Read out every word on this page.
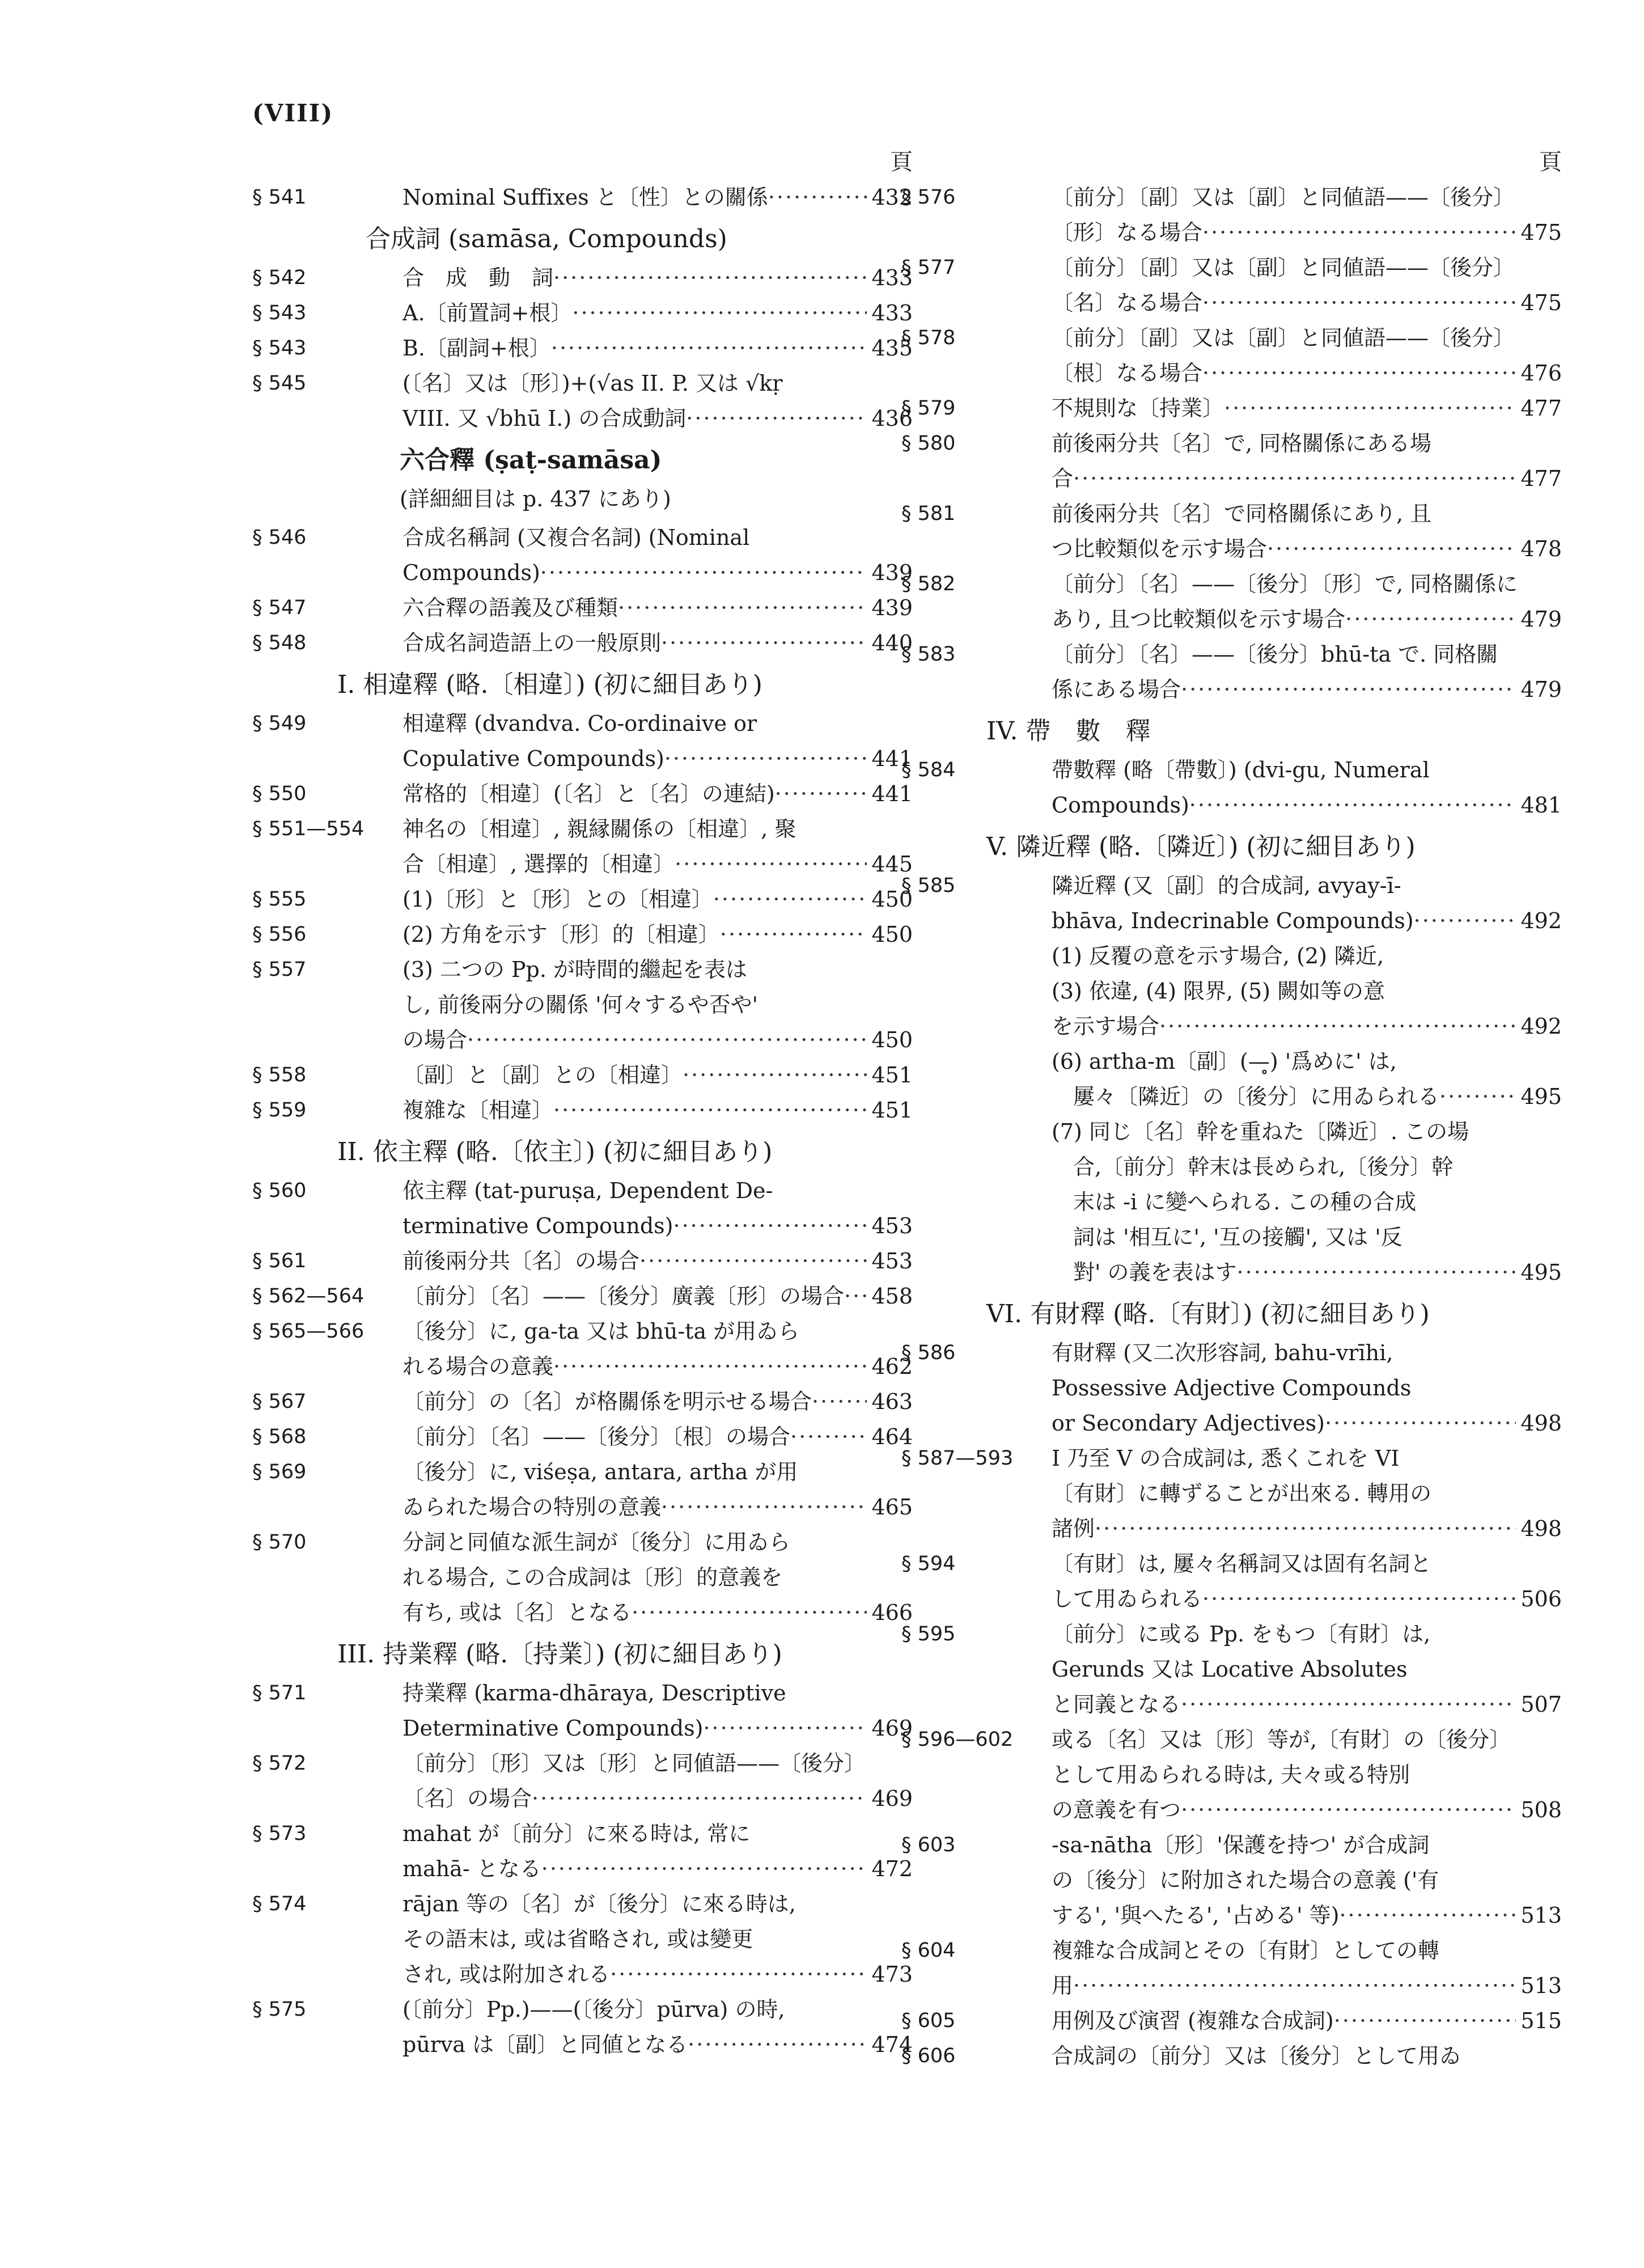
(VIII)
頁
§ 541	Nominal Suffixes と〔性〕との關係 ·····	432
合成詞 (samāsa, Compounds)
§ 542	合　成　動　詞 ·····	433
§ 543	A.〔前置詞+根〕 ·····	433
§ 543	B.〔副詞+根〕 ·····	435
§ 545	(〔名〕又は〔形〕)+(√as II. P. 又は √kṛ
VIII. 又 √bhū I.) の合成動詞 ·····	436
六合釋 (ṣaṭ-samāsa)
(詳細細目は p. 437 にあり)
§ 546	合成名稱詞 (又複合名詞) (Nominal
Compounds) ·····	439
§ 547	六合釋の語義及び種類 ·····	439
§ 548	合成名詞造語上の一般原則 ·····	440
I. 相違釋 (略.〔相違〕) (初に細目あり)
§ 549	相違釋 (dvandva. Co-ordinaive or
Copulative Compounds) ·····	441
§ 550	常格的〔相違〕(〔名〕と〔名〕の連結) ·····	441
§ 551—554	神名の〔相違〕, 親縁關係の〔相違〕, 聚
合〔相違〕, 選擇的〔相違〕 ·····	445
§ 555	(1)〔形〕と〔形〕との〔相違〕 ·····	450
§ 556	(2) 方角を示す〔形〕的〔相違〕 ·····	450
§ 557	(3) 二つの Pp. が時間的繼起を表は
し, 前後兩分の關係 '何々するや否や'
の場合 ·····	450
§ 558	〔副〕と〔副〕との〔相違〕 ·····	451
§ 559	複雜な〔相違〕 ·····	451
II. 依主釋 (略.〔依主〕) (初に細目あり)
§ 560	依主釋 (tat-puruṣa, Dependent De-
terminative Compounds) ·····	453
§ 561	前後兩分共〔名〕の場合 ·····	453
§ 562—564	〔前分〕〔名〕——〔後分〕廣義〔形〕の場合 ····· 458
§ 565—566	〔後分〕に, ga-ta 又は bhū-ta が用ゐら
れる場合の意義 ·····	462
§ 567	〔前分〕の〔名〕が格關係を明示せる場合 ·····	463
§ 568	〔前分〕〔名〕——〔後分〕〔根〕の場合 ·····	464
§ 569	〔後分〕に, viśeṣa, antara, artha が用
ゐられた場合の特別の意義 ·····	465
§ 570	分詞と同値な派生詞が〔後分〕に用ゐら
れる場合, この合成詞は〔形〕的意義を
有ち, 或は〔名〕となる ·····	466
III. 持業釋 (略.〔持業〕) (初に細目あり)
§ 571	持業釋 (karma-dhāraya, Descriptive
Determinative Compounds) ·····	469
§ 572	〔前分〕〔形〕又は〔形〕と同値語——〔後分〕
〔名〕の場合 ·····	469
§ 573	mahat が〔前分〕に來る時は, 常に
mahā- となる ·····	472
§ 574	rājan 等の〔名〕が〔後分〕に來る時は,
その語末は, 或は省略され, 或は變更
され, 或は附加される ·····	473
§ 575	(〔前分〕Pp.)——(〔後分〕pūrva) の時,
pūrva は〔副〕と同値となる ·····	474
頁
§ 576	〔前分〕〔副〕又は〔副〕と同値語——〔後分〕
〔形〕なる場合 ·····	475
§ 577	〔前分〕〔副〕又は〔副〕と同値語——〔後分〕
〔名〕なる場合 ·····	475
§ 578	〔前分〕〔副〕又は〔副〕と同値語——〔後分〕
〔根〕なる場合 ·····	476
§ 579	不規則な〔持業〕 ·····	477
§ 580	前後兩分共〔名〕で, 同格關係にある場
合 ·····	477
§ 581	前後兩分共〔名〕で同格關係にあり, 且
つ比較類似を示す場合 ·····	478
§ 582	〔前分〕〔名〕——〔後分〕〔形〕で, 同格關係に
あり, 且つ比較類似を示す場合 ·····	479
§ 583	〔前分〕〔名〕——〔後分〕bhū-ta で. 同格關
係にある場合 ·····	479
IV. 帶　數　釋
§ 584	帶數釋 (略〔帶數〕) (dvi-gu, Numeral
Compounds) ·····	481
V. 隣近釋 (略.〔隣近〕) (初に細目あり)
§ 585	隣近釋 (又〔副〕的合成詞, avyay-ī-
bhāva, Indecrinable Compounds) ·····	492
(1) 反覆の意を示す場合, (2) 隣近,
(3) 依違, (4) 限界, (5) 闕如等の意
を示す場合 ·····	492
(6) artha-m〔副〕(—̥) '爲めに' は,
　屢々〔隣近〕の〔後分〕に用ゐられる ·····	495
(7) 同じ〔名〕幹を重ねた〔隣近〕. この場
　合,〔前分〕幹末は長められ,〔後分〕幹
　末は -i に變へられる. この種の合成
　詞は '相互に', '互の接觸', 又は '反
　對' の義を表はす ·····	495
VI. 有財釋 (略.〔有財〕) (初に細目あり)
§ 586	有財釋 (又二次形容詞, bahu-vrīhi,
Possessive Adjective Compounds
or Secondary Adjectives) ·····	498
§ 587—593	I 乃至 V の合成詞は, 悉くこれを VI
〔有財〕に轉ずることが出來る. 轉用の
諸例 ·····	498
§ 594	〔有財〕は, 屢々名稱詞又は固有名詞と
して用ゐられる ·····	506
§ 595	〔前分〕に或る Pp. をもつ〔有財〕は,
Gerunds 又は Locative Absolutes
と同義となる ·····	507
§ 596—602	或る〔名〕又は〔形〕等が,〔有財〕の〔後分〕
として用ゐられる時は, 夫々或る特別
の意義を有つ ·····	508
§ 603	-sa-nātha〔形〕'保護を持つ' が合成詞
の〔後分〕に附加された場合の意義 ('有
する', '與へたる', '占める' 等) ·····	513
§ 604	複雜な合成詞とその〔有財〕としての轉
用 ·····	513
§ 605	用例及び演習 (複雜な合成詞) ·····	515
§ 606	合成詞の〔前分〕又は〔後分〕として用ゐ
